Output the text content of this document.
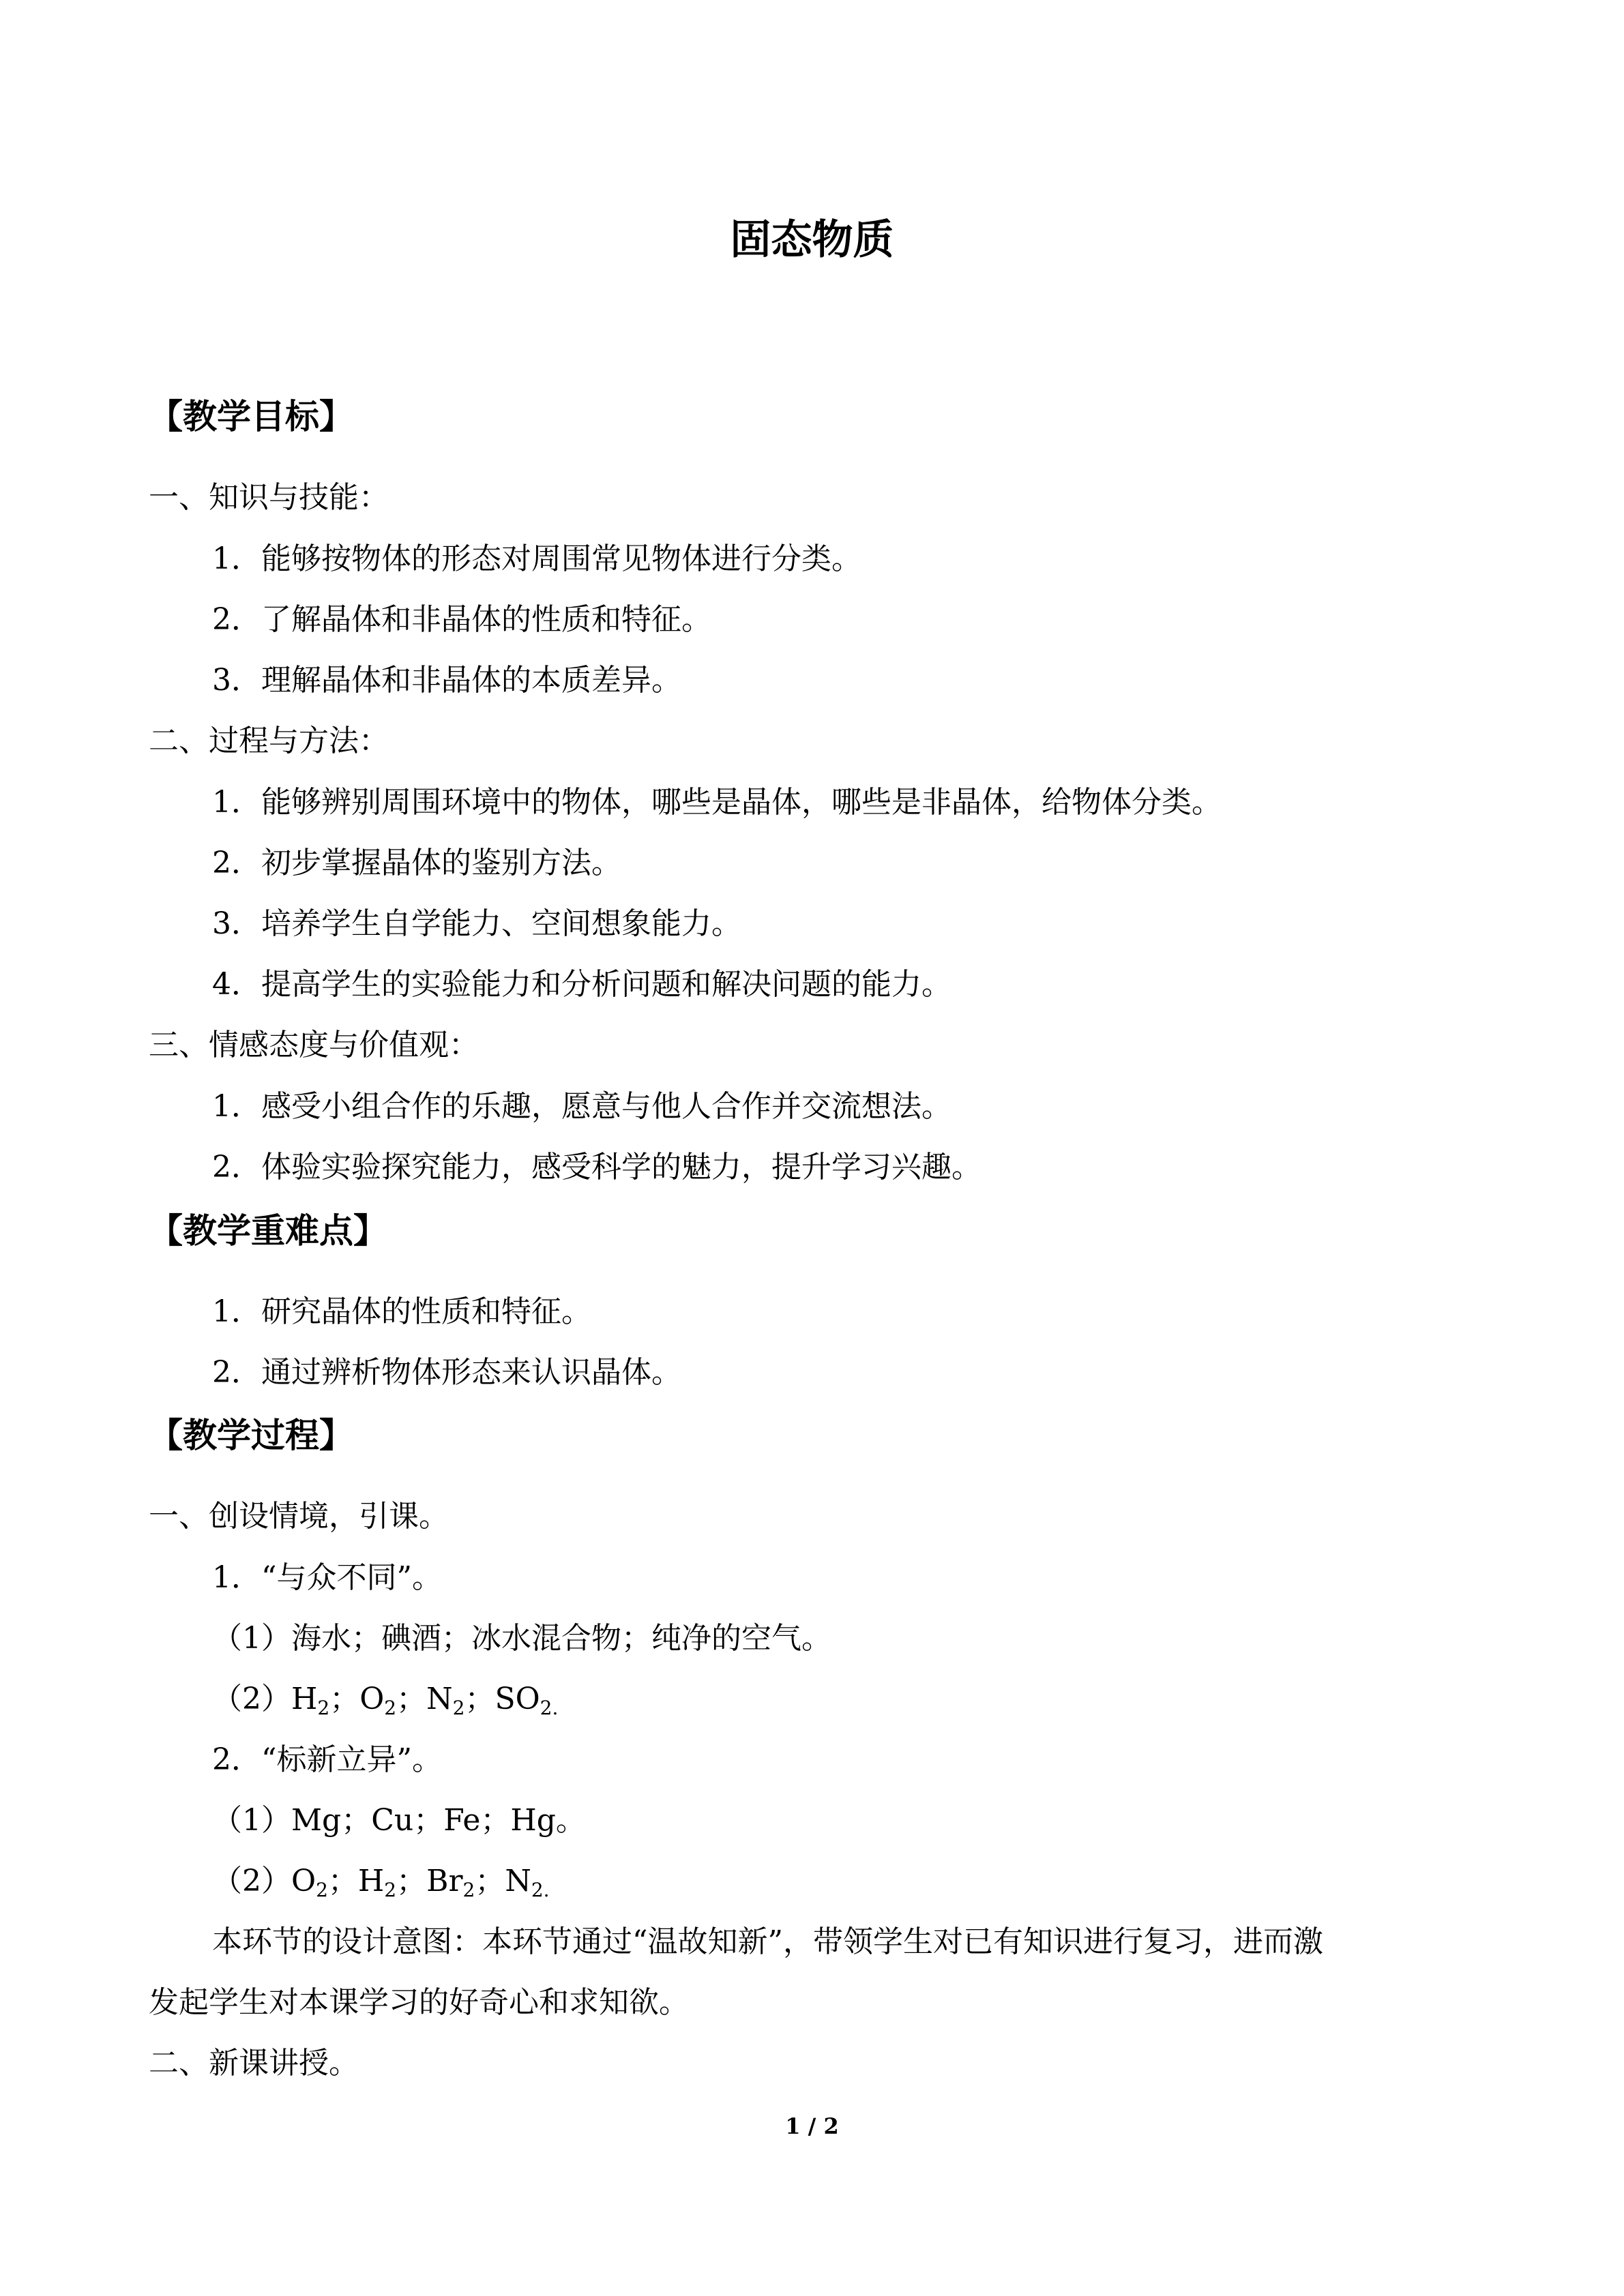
固态物质
【教学目标】
一、知识与技能：
1．能够按物体的形态对周围常见物体进行分类。
2．了解晶体和非晶体的性质和特征。
3．理解晶体和非晶体的本质差异。
二、过程与方法：
1．能够辨别周围环境中的物体，哪些是晶体，哪些是非晶体，给物体分类。
2．初步掌握晶体的鉴别方法。
3．培养学生自学能力、空间想象能力。
4．提高学生的实验能力和分析问题和解决问题的能力。
三、情感态度与价值观：
1．感受小组合作的乐趣，愿意与他人合作并交流想法。
2．体验实验探究能力，感受科学的魅力，提升学习兴趣。
【教学重难点】
1．研究晶体的性质和特征。
2．通过辨析物体形态来认识晶体。
【教学过程】
一、创设情境，引课。
1．“与众不同”。
（1）海水；碘酒；冰水混合物；纯净的空气。
$(2)H_2$；$O_2$；$N_2$；$SO_{2.}$
2．“标新立异”。
（1）Mg；Cu；Fe；Hg。
$(2)O_2$；$H_2$；$Br_2$；$N_{2.}$
本环节的设计意图：本环节通过“温故知新”，带领学生对已有知识进行复习，进而激
发起学生对本课学习的好奇心和求知欲。
二、新课讲授。
1 / 2
